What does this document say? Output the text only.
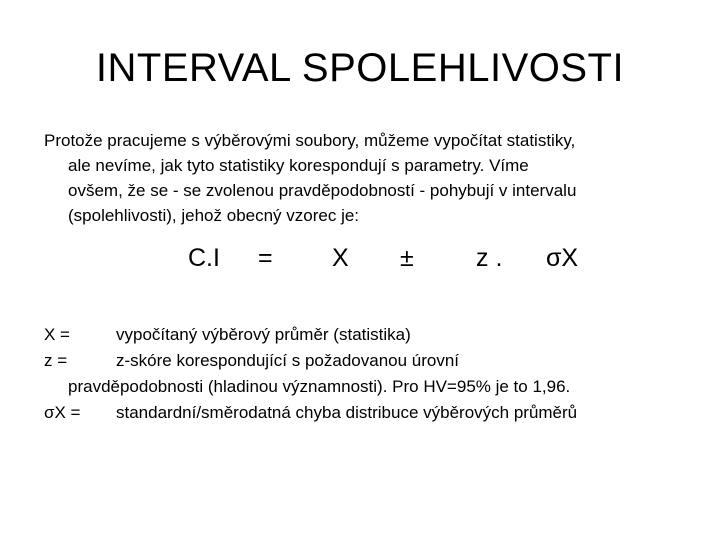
INTERVAL SPOLEHLIVOSTI
Protože pracujeme s výběrovými soubory, můžeme vypočítat statistiky,
ale nevíme, jak tyto statistiky korespondují s parametry. Víme
ovšem, že se - se zvolenou pravděpodobností - pohybují v intervalu
(spolehlivosti), jehož obecný vzorec je:
C.I = X ± z . σX
X =	vypočítaný výběrový průměr (statistika)
z =	z-skóre korespondující s požadovanou úrovní
pravděpodobnosti (hladinou významnosti). Pro HV=95% je to 1,96.
σX = standardní/směrodatná chyba distribuce výběrových průměrů
